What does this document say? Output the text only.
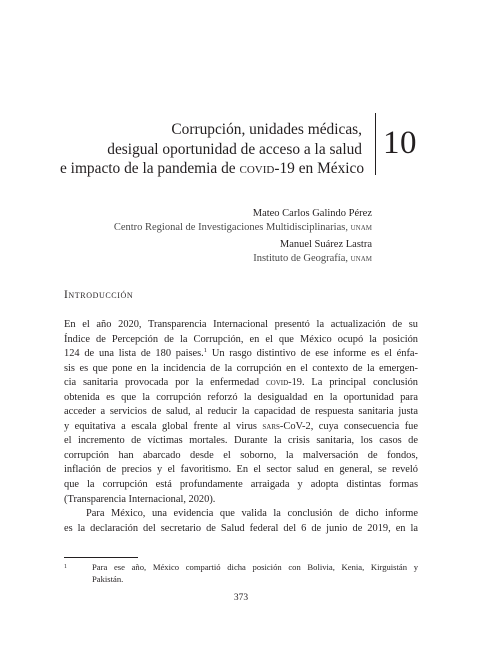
Corrupción, unidades médicas,
desigual oportunidad de acceso a la salud
e impacto de la pandemia de covid-19 en México
10
Mateo Carlos Galindo Pérez
Centro Regional de Investigaciones Multidisciplinarias, unam
Manuel Suárez Lastra
Instituto de Geografía, unam
Introducción
En el año 2020, Transparencia Internacional presentó la actualización de su
Índice de Percepción de la Corrupción, en el que México ocupó la posición
124 de una lista de 180 paises.$^1$ Un rasgo distintivo de ese informe es el énfa-
sis es que pone en la incidencia de la corrupción en el contexto de la emergen-
cia sanitaria provocada por la enfermedad covid-19. La principal conclusión
obtenida es que la corrupción reforzó la desigualdad en la oportunidad para
acceder a servicios de salud, al reducir la capacidad de respuesta sanitaria justa
y equitativa a escala global frente al virus sars-CoV-2, cuya consecuencia fue
el incremento de víctimas mortales. Durante la crisis sanitaria, los casos de
corrupción han abarcado desde el soborno, la malversación de fondos,
inflación de precios y el favoritismo. En el sector salud en general, se reveló
que la corrupción está profundamente arraigada y adopta distintas formas
(Transparencia Internacional, 2020).
Para México, una evidencia que valida la conclusión de dicho informe
es la declaración del secretario de Salud federal del 6 de junio de 2019, en la
1	Para ese año, México compartió dicha posición con Bolivia, Kenia, Kirguistán y
Pakistán.
373
